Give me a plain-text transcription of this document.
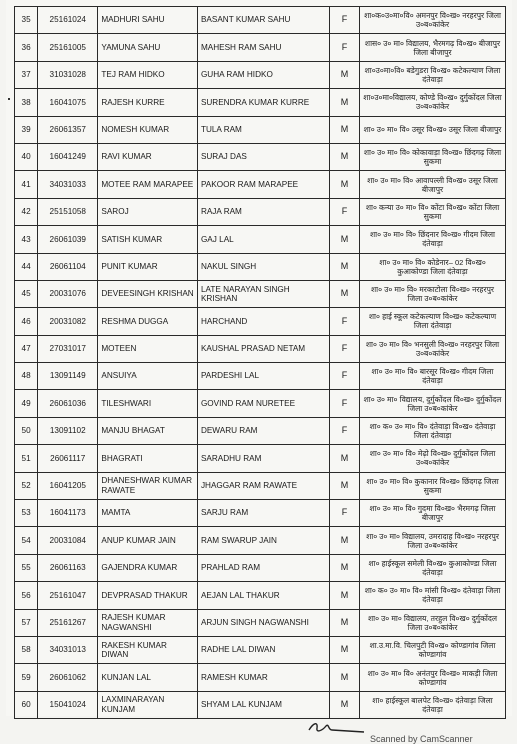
35	25161024	MADHURI SAHU	BASANT KUMAR SAHU	F	शा०क०उ०मा०वि० अमनपुर वि०ख० नरहरपुर जिला उ०ब०कांकेर
36	25161005	YAMUNA SAHU	MAHESH RAM SAHU	F	शास० उ० मा० विद्यालय, भैरमगढ़ वि०ख० बीजापुर जिला बीजापुर
37	31031028	TEJ RAM HIDKO	GUHA RAM HIDKO	M	शा०उ०मा०वि० बडेगुडरा वि०ख० कटेकल्याण जिला दंतेवाड़ा
38	16041075	RAJESH KURRE	SURENDRA KUMAR KURRE	M	शा०उ०मा०विद्यालय, कोण्डे वि०ख० दुर्गुकोंदल जिला उ०ब०कांकेर
39	26061357	NOMESH KUMAR	TULA RAM	M	शा० उ० मा० वि० उसूर वि०ख० उसूर जिला बीजापुर
40	16041249	RAVI KUMAR	SURAJ DAS	M	शा० उ० मा० वि० कोकावाड़ा वि०ख० छिंदगढ़ जिला सुकमा
41	34031033	MOTEE RAM MARAPEE	PAKOOR RAM MARAPEE	M	शा० उ० मा० वि० आवापल्ली वि०ख० उसूर जिला बीजापुर
42	25151058	SAROJ	RAJA RAM	F	शा० कन्या उ० मा० वि० कोंटा वि०ख० कोंटा जिला सुकमा
43	26061039	SATISH KUMAR	GAJ LAL	M	शा० उ० मा० वि० छिंदनार वि०ख० गीदम जिला दंतेवाड़ा
44	26061104	PUNIT KUMAR	NAKUL SINGH	M	शा० उ० मा० वि० कोडेनार– 02 वि०ख० कुआकोण्डा जिला दंतेवाड़ा
45	20031076	DEVEESINGH KRISHAN	LATE NARAYAN SINGH KRISHAN	M	शा० उ० मा० वि० मरकाटोला वि०ख० नरहरपुर जिला उ०ब०कांकेर
46	20031082	RESHMA DUGGA	HARCHAND	F	शा० हाई स्कूल कटेकल्याण वि०ख० कटेकल्याण जिला दंतेवाड़ा
47	27031017	MOTEEN	KAUSHAL PRASAD NETAM	F	शा० उ० मा० वि० भनसुली वि०ख० नरहरपुर जिला उ०ब०कांकेर
48	13091149	ANSUIYA	PARDESHI LAL	F	शा० उ० मा० वि० बारसूर वि०ख० गीदम जिला दंतेवाड़ा
49	26061036	TILESHWARI	GOVIND RAM NURETEE	F	शा० उ० मा० विद्यालय, दुर्गुकोंदल वि०ख० दुर्गुकोंदल जिला उ०ब०कांकेर
50	13091102	MANJU BHAGAT	DEWARU RAM	F	शा० क० उ० मा० वि० दंतेवाड़ा वि०ख० दंतेवाड़ा जिला दंतेवाड़ा
51	26061117	BHAGRATI	SARADHU RAM	M	शा० उ० मा० वि० मेढ़ो वि०ख० दुर्गुकोंदल जिला उ०ब०कांकेर
52	16041205	DHANESHWAR KUMAR RAWATE	JHAGGAR RAM RAWATE	M	शा० उ० मा० वि० कुकानार वि०ख० छिंदगढ़ जिला सुकमा
53	16041173	MAMTA	SARJU RAM	F	शा० उ० मा० वि० गुदमा वि०ख० भैरमगढ़ जिला बीजापुर
54	20031084	ANUP KUMAR JAIN	RAM SWARUP JAIN	M	शा० उ० मा० विद्यालय, उमरादाह वि०ख० नरहरपुर जिला उ०ब०कांकेर
55	26061163	GAJENDRA KUMAR	PRAHLAD RAM	M	शा० हाईस्कूल समेली वि०ख० कुआकोण्डा जिला दंतेवाड़ा
56	25161047	DEVPRASAD THAKUR	AEJAN LAL THAKUR	M	शा० क० उ० मा० वि० मांसी वि०ख० दंतेवाड़ा जिला दंतेवाड़ा
57	25161267	RAJESH KUMAR NAGWANSHI	ARJUN SINGH NAGWANSHI	M	शा० उ० मा० विद्यालय, तरहुल वि०ख० दुर्गुकोंदल जिला उ०ब०कांकेर
58	34031013	RAKESH KUMAR DIWAN	RADHE LAL DIWAN	M	शा.उ.मा.वि. चिलपुटी वि०ख० कोण्डागांव जिला कोण्डागांव
59	26061062	KUNJAN LAL	RAMESH KUMAR	M	शा० उ० मा० वि० अनंतपुर वि०ख० माकड़ी जिला कोण्डागांव
60	15041024	LAXMINARAYAN KUNJAM	SHYAM LAL KUNJAM	M	शा० हाईस्कूल बालपेट वि०ख० दंतेवाड़ा जिला दंतेवाड़ा
Scanned by CamScanner
